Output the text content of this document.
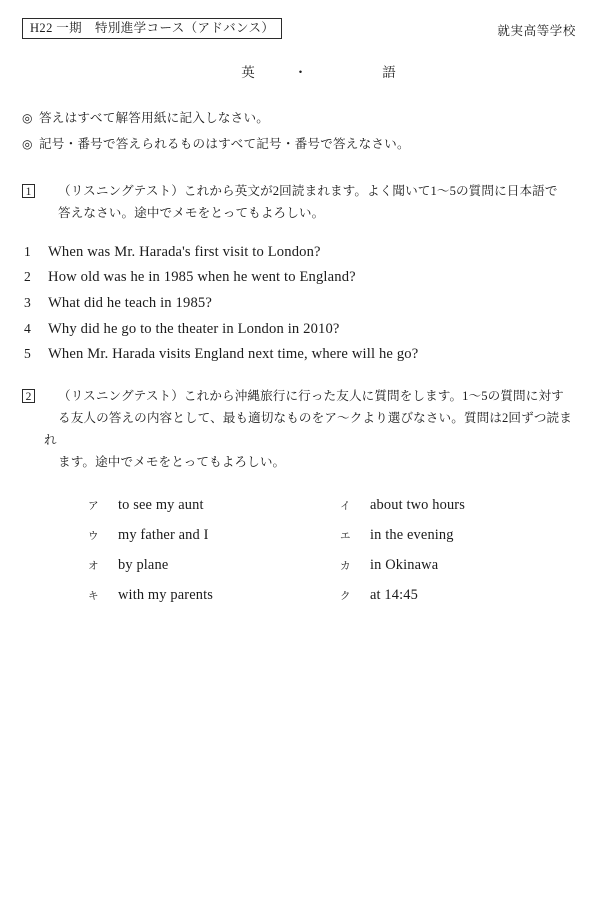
H22 一期　特別進学コース（アドバンス）	就実高等学校
英	・	語
◎ 答えはすべて解答用紙に記入しなさい。
◎ 記号・番号で答えられるものはすべて記号・番号で答えなさい。
1	（リスニングテスト）これから英文が2回読まれます。よく聞いて1～5の質問に日本語で
答えなさい。途中でメモをとってもよろしい。
1	When was Mr. Harada's first visit to London?
2	How old was he in 1985 when he went to England?
3	What did he teach in 1985?
4	Why did he go to the theater in London in 2010?
5	When Mr. Harada visits England next time, where will he go?
2	（リスニングテスト）これから沖縄旅行に行った友人に質問をします。1～5の質問に対す
る友人の答えの内容として、最も適切なものをア～クより選びなさい。質問は2回ずつ読まれ
ます。途中でメモをとってもよろしい。
ア	to see my aunt	イ	about two hours
ウ	my father and I	エ	in the evening
オ	by plane	カ	in Okinawa
キ	with my parents	ク	at 14:45
